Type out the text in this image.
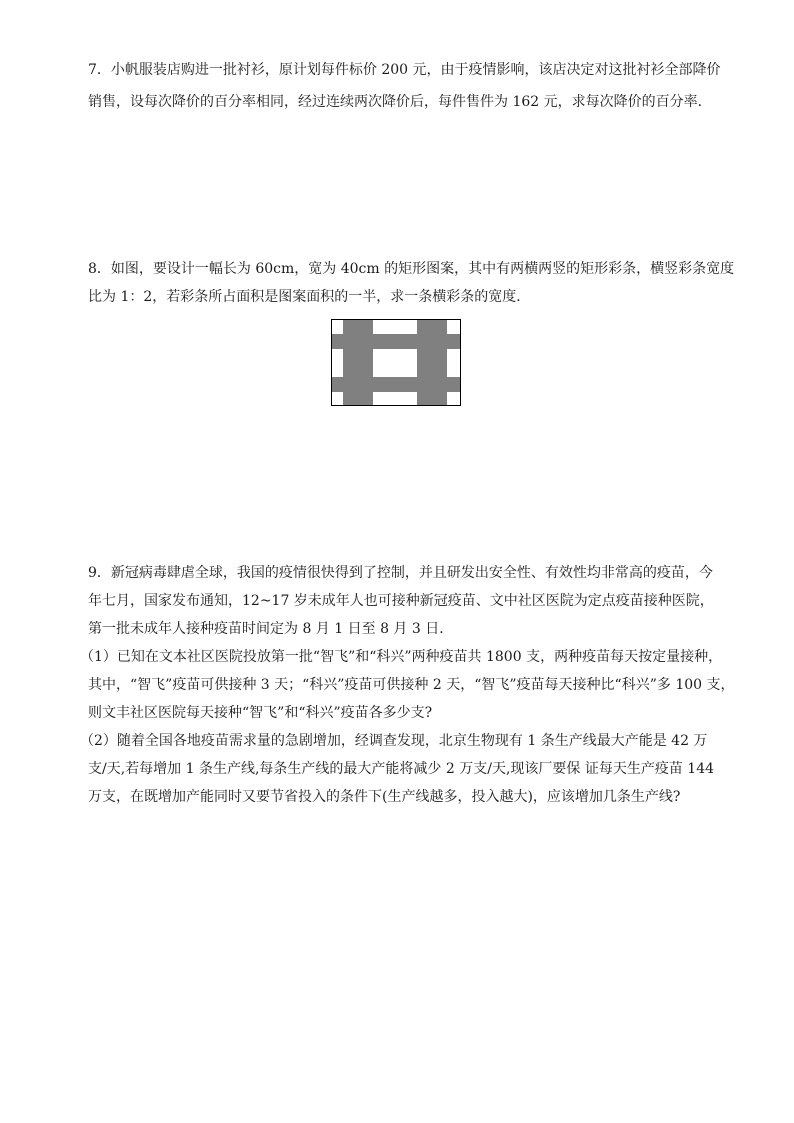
7．小帆服装店购进一批衬衫，原计划每件标价 200 元，由于疫情影响，该店决定对这批衬衫全部降价
销售，设每次降价的百分率相同，经过连续两次降价后，每件售件为 162 元，求每次降价的百分率．
8．如图，要设计一幅长为 60cm，宽为 40cm 的矩形图案，其中有两横两竖的矩形彩条，横竖彩条宽度
比为 1：2，若彩条所占面积是图案面积的一半，求一条横彩条的宽度．
9．新冠病毒肆虐全球，我国的疫情很快得到了控制，并且研发出安全性、有效性均非常高的疫苗，今
年七月，国家发布通知，12~17 岁未成年人也可接种新冠疫苗、文中社区医院为定点疫苗接种医院，
第一批未成年人接种疫苗时间定为 8 月 1 日至 8 月 3 日．
（1）已知在文本社区医院投放第一批“智飞”和“科兴”两种疫苗共 1800 支，两种疫苗每天按定量接种，
其中，“智飞”疫苗可供接种 3 天；“科兴”疫苗可供接种 2 天，“智飞”疫苗每天接种比“科兴”多 100 支，
则文丰社区医院每天接种“智飞”和“科兴”疫苗各多少支?
（2）随着全国各地疫苗需求量的急剧增加，经调查发现，北京生物现有 1 条生产线最大产能是 42 万
支/天,若每增加 1 条生产线,每条生产线的最大产能将减少 2 万支/天,现该厂要保 证每天生产疫苗 144
万支，在既增加产能同时又要节省投入的条件下(生产线越多，投入越大)，应该增加几条生产线?
